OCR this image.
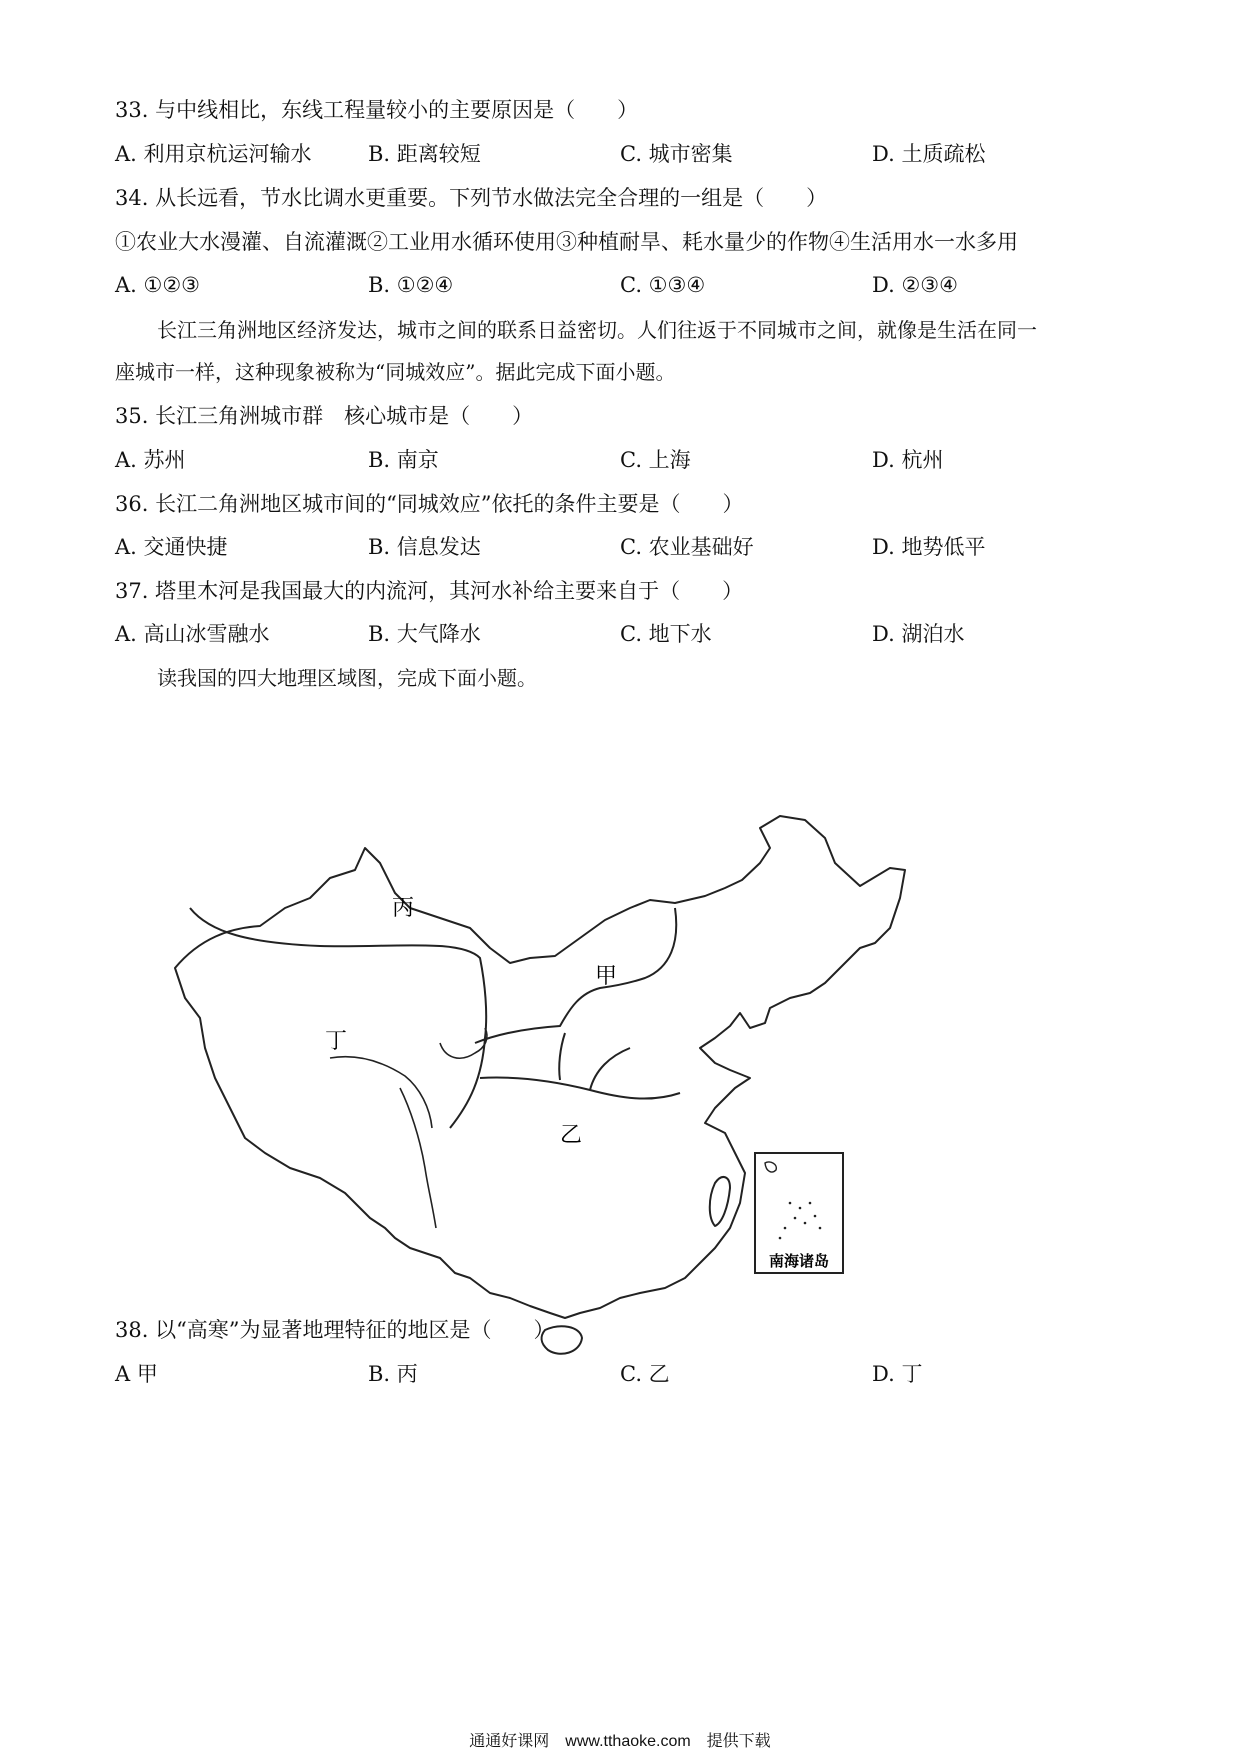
33. 与中线相比，东线工程量较小的主要原因是（　　）
A. 利用京杭运河输水	B. 距离较短	C. 城市密集	D. 土质疏松
34. 从长远看，节水比调水更重要。下列节水做法完全合理的一组是（　　）
①农业大水漫灌、自流灌溉②工业用水循环使用③种植耐旱、耗水量少的作物④生活用水一水多用
A. ①②③	B. ①②④	C. ①③④	D. ②③④
长江三角洲地区经济发达，城市之间的联系日益密切。人们往返于不同城市之间，就像是生活在同一
座城市一样，这种现象被称为“同城效应”。据此完成下面小题。
35. 长江三角洲城市群　核心城市是（　　）
A. 苏州	B. 南京	C. 上海	D. 杭州
36. 长江二角洲地区城市间的“同城效应”依托的条件主要是（　　）
A. 交通快捷	B. 信息发达	C. 农业基础好	D. 地势低平
37. 塔里木河是我国最大的内流河，其河水补给主要来自于（　　）
A. 高山冰雪融水	B. 大气降水	C. 地下水	D. 湖泊水
读我国的四大地理区域图，完成下面小题。
丙
甲
丁
乙
南海诸岛
38. 以“高寒”为显著地理特征的地区是（　　）
A 甲	B. 丙	C. 乙	D. 丁
通通好课网　www.tthaoke.com　提供下载
